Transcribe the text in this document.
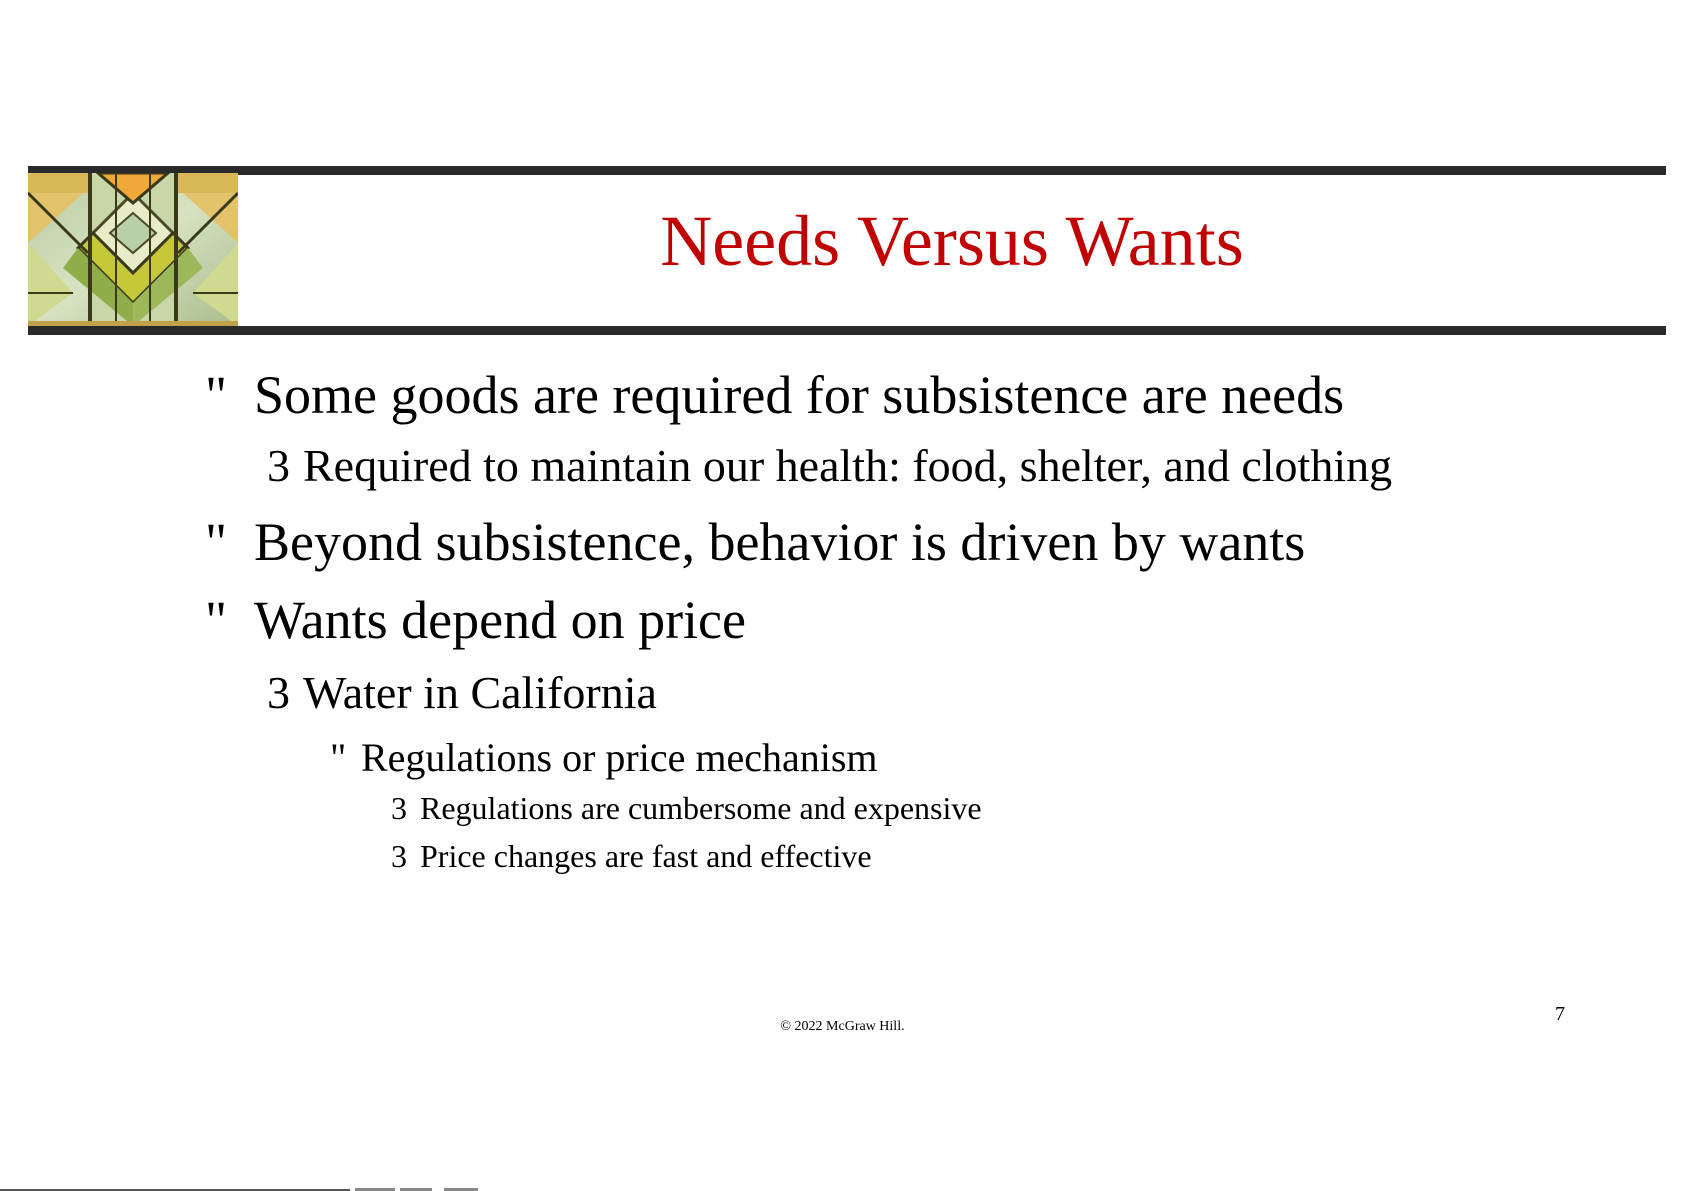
Needs Versus Wants
" Some goods are required for subsistence are needs
3 Required to maintain our health: food, shelter, and clothing
" Beyond subsistence, behavior is driven by wants
" Wants depend on price
3 Water in California
" Regulations or price mechanism
3 Regulations are cumbersome and expensive
3 Price changes are fast and effective
© 2022 McGraw Hill.
7
